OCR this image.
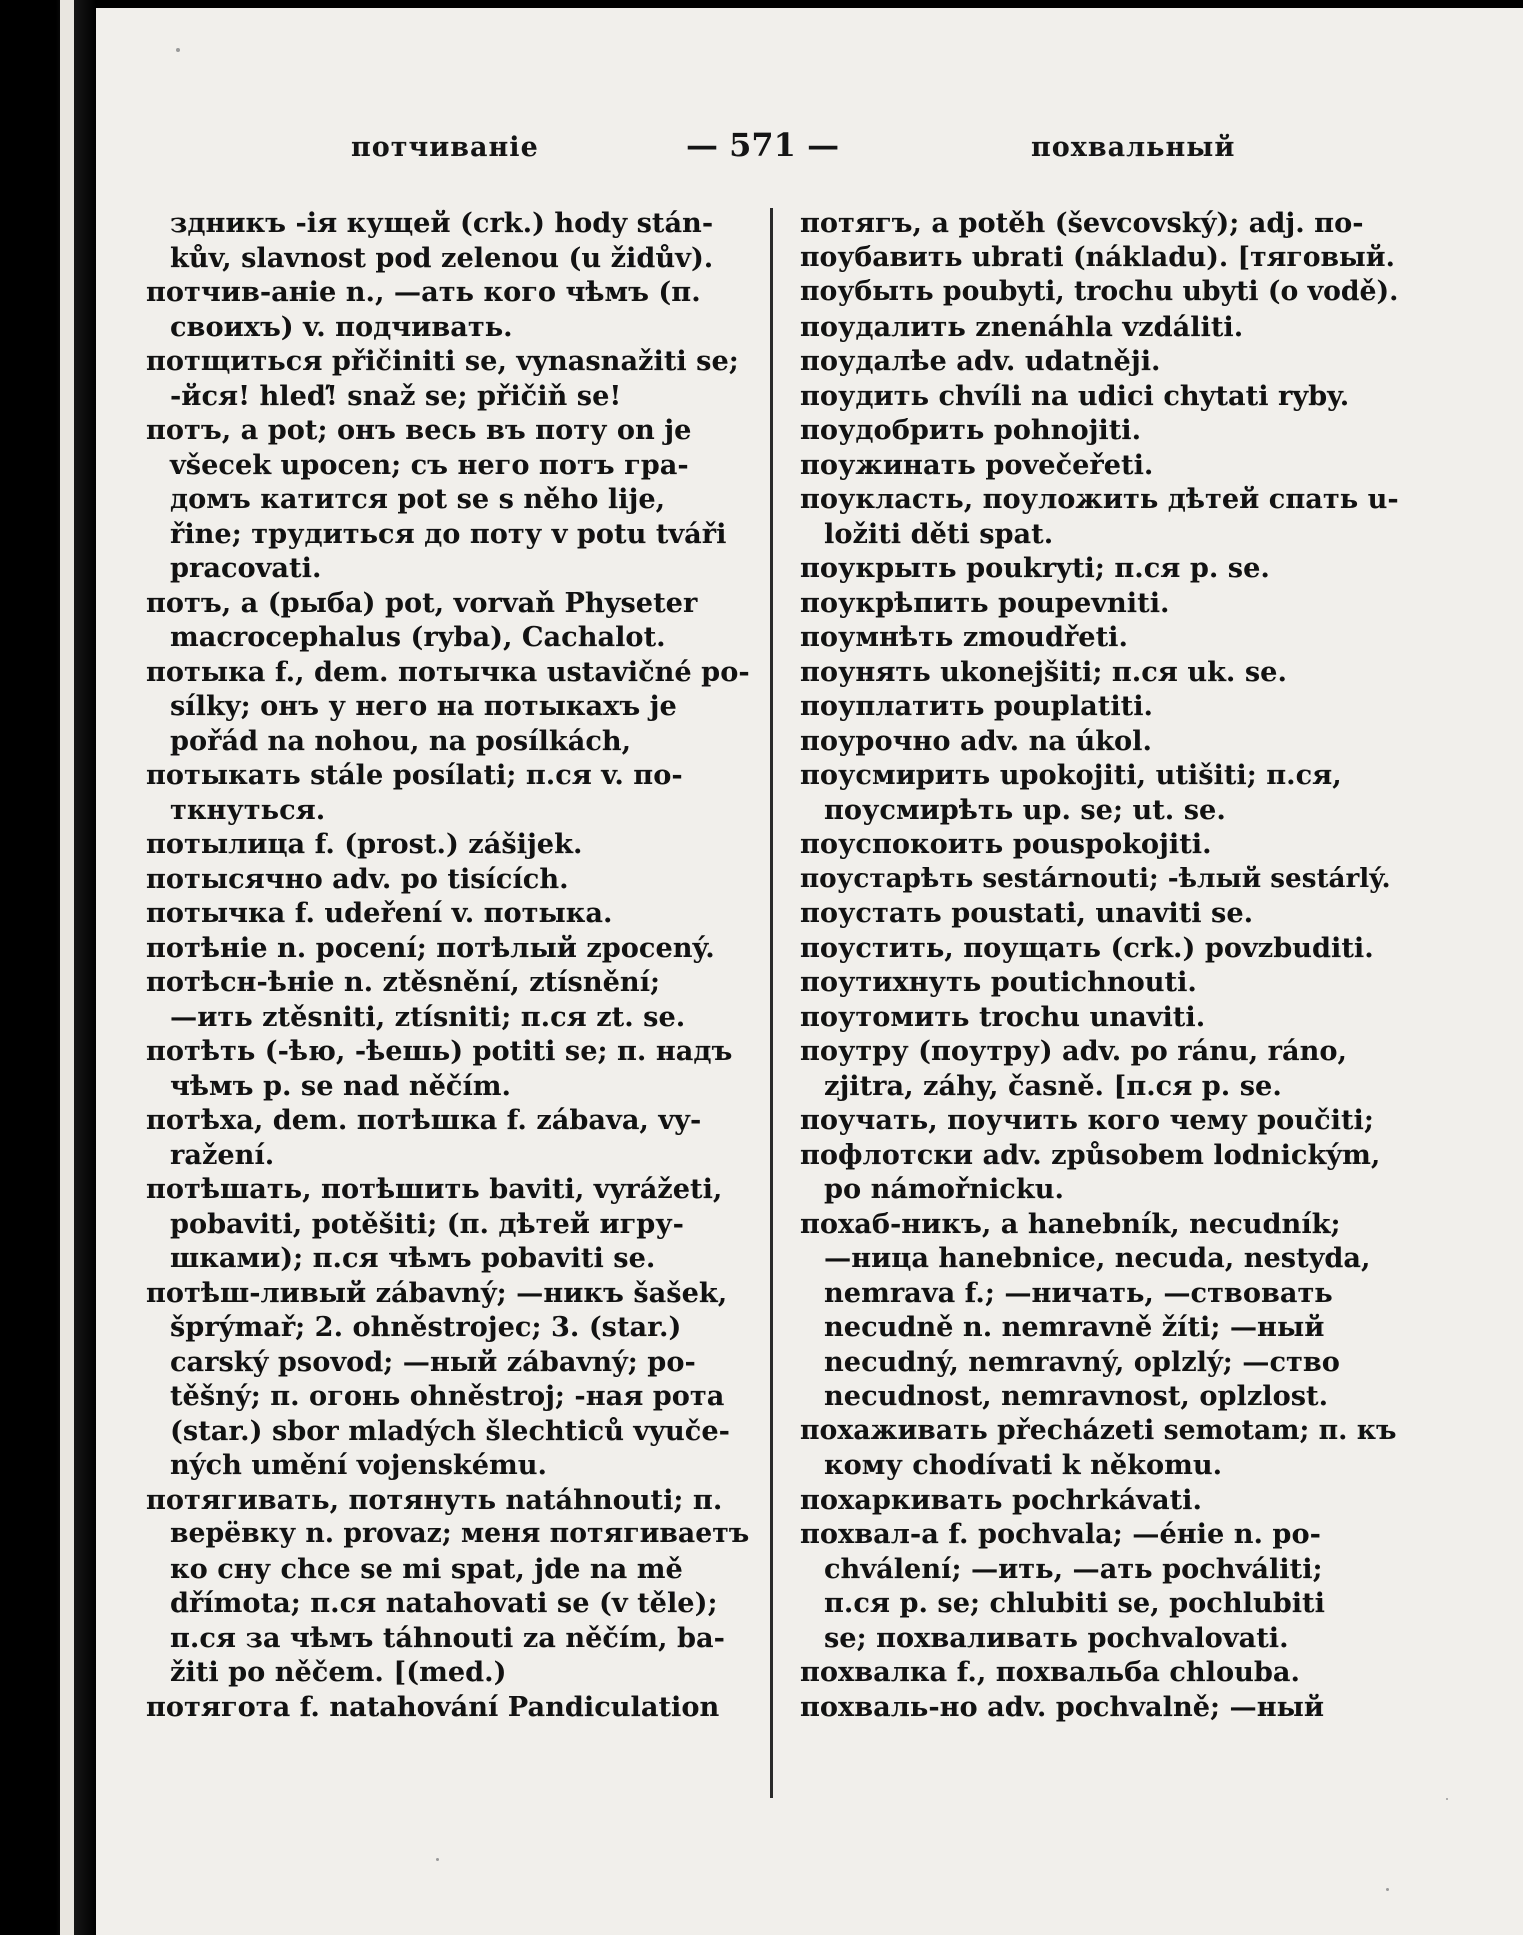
потчиваніе	— 571 —	похвальный
здникъ -ія кущей (crk.) hody stán-
kův, slavnost pod zelenou (u židův).
потчив-аніе n., —ать кого чѣмъ (п.
своихъ) v. подчивать.
потщиться přičiniti se, vynasnažiti se;
-йся! hleď! snaž se; přičiň se!
потъ, a pot; онъ весь въ поту on je
všecek upocen; съ него потъ гра-
домъ катится pot se s něho lije,
řine; трудиться до поту v potu tváři
pracovati.
потъ, a (рыба) pot, vorvaň Physeter
macrocephalus (ryba), Cachalot.
потыка f., dem. потычка ustavičné po-
sílky; онъ у него на потыкахъ je
pořád na nohou, na posílkách,
потыкать stále posílati; п.ся v. по-
ткнуться.
потылица f. (prost.) zášijek.
потысячно adv. po tisících.
потычка f. udeření v. потыка.
потѣніе n. pocení; потѣлый zpocený.
потѣсн-ѣніе n. ztěsnění, ztísnění;
—ить ztěsniti, ztísniti; п.ся zt. se.
потѣть (-ѣю, -ѣешь) potiti se; п. надъ
чѣмъ p. se nad něčím.
потѣха, dem. потѣшка f. zábava, vy-
ražení.
потѣшать, потѣшить baviti, vyrážeti,
pobaviti, potěšiti; (п. дѣтей игру-
шками); п.ся чѣмъ pobaviti se.
потѣш-ливый zábavný; —никъ šašek,
šprýmař; 2. ohněstrojec; 3. (star.)
carský psovod; —ный zábavný; po-
těšný; п. огонь ohněstroj; -ная рота
(star.) sbor mladých šlechticů vyuče-
ných umění vojenskému.
потягивать, потянуть natáhnouti; п.
верёвку n. provaz; меня потягиваетъ
ко сну chce se mi spat, jde na mě
dřímota; п.ся natahovati se (v těle);
п.ся за чѣмъ táhnouti za něčím, ba-
žiti po něčem. [(med.)
потягота f. natahování Pandiculation
потягъ, a potěh (ševcovský); adj. по-
поубавить ubrati (nákladu). [тяговый.
поубыть poubyti, trochu ubyti (o vodě).
поудалить znenáhla vzdáliti.
поудалѣе adv. udatněji.
поудить chvíli na udici chytati ryby.
поудобрить pohnojiti.
поужинать povečeřeti.
поукласть, поуложить дѣтей спать u-
ložiti děti spat.
поукрыть poukryti; п.ся p. se.
поукрѣпить poupevniti.
поумнѣть zmoudřeti.
поунять ukonejšiti; п.ся uk. se.
поуплатить pouplatiti.
поурочно adv. na úkol.
поусмирить upokojiti, utišiti; п.ся,
поусмирѣть up. se; ut. se.
поуспокоить pouspokojiti.
поустарѣть sestárnouti; -ѣлый sestárlý.
поустать poustati, unaviti se.
поустить, поущать (crk.) povzbuditi.
поутихнуть poutichnouti.
поутомить trochu unaviti.
поутру (поутру) adv. po ránu, ráno,
zjitra, záhy, časně. [п.ся p. se.
поучать, поучить кого чему poučiti;
пофлотски adv. způsobem lodnickým,
po námořnicku.
похаб-никъ, a hanebník, necudník;
—ница hanebnice, necuda, nestyda,
nemrava f.; —ничать, —ствовать
necudně n. nemravně žíti; —ный
necudný, nemravný, oplzlý; —ство
necudnost, nemravnost, oplzlost.
похаживать přecházeti semotam; п. къ
кому chodívati k někomu.
похаркивать pochrkávati.
похвал-а f. pochvala; —éніе n. po-
chválení; —ить, —ать pochváliti;
п.ся p. se; chlubiti se, pochlubiti
se; похваливать pochvalovati.
похвалка f., похвальба chlouba.
похваль-но adv. pochvalně; —ный
